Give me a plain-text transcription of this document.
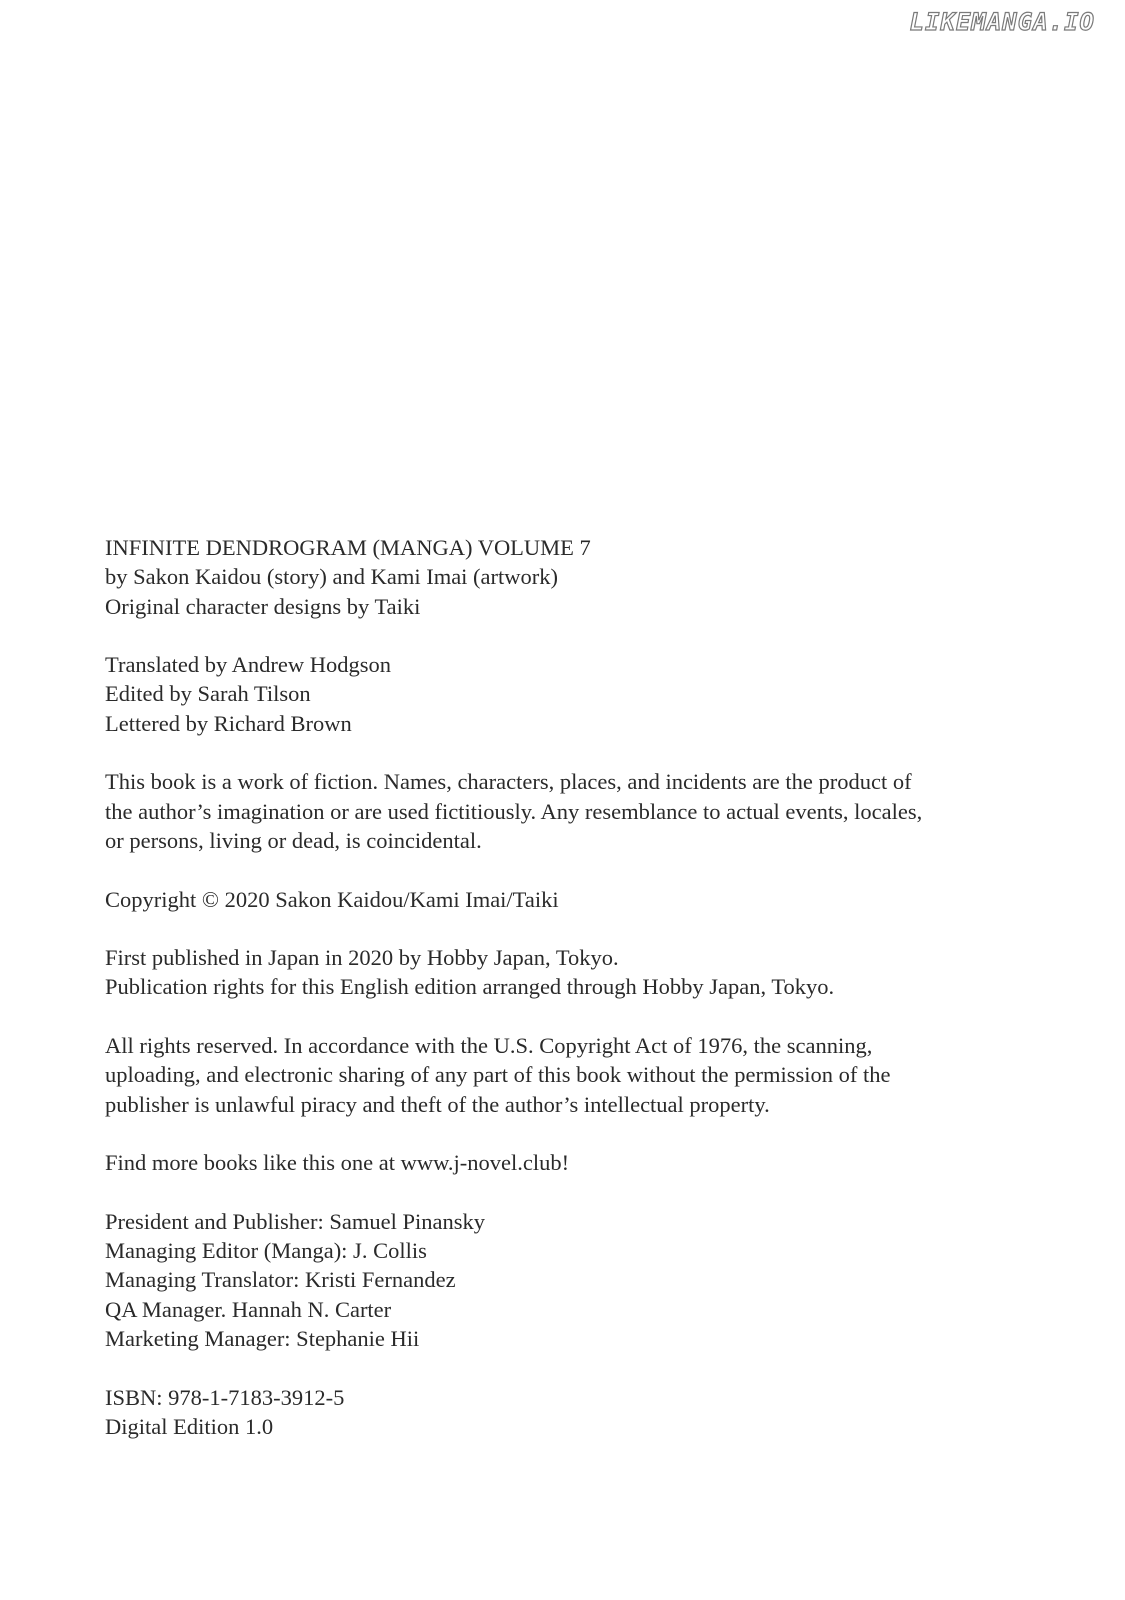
LIKEMANGA.IO
INFINITE DENDROGRAM (MANGA) VOLUME 7
by Sakon Kaidou (story) and Kami Imai (artwork)
Original character designs by Taiki
Translated by Andrew Hodgson
Edited by Sarah Tilson
Lettered by Richard Brown
This book is a work of fiction. Names, characters, places, and incidents are the product of
the author’s imagination or are used fictitiously. Any resemblance to actual events, locales,
or persons, living or dead, is coincidental.
Copyright © 2020 Sakon Kaidou/Kami Imai/Taiki
First published in Japan in 2020 by Hobby Japan, Tokyo.
Publication rights for this English edition arranged through Hobby Japan, Tokyo.
All rights reserved. In accordance with the U.S. Copyright Act of 1976, the scanning,
uploading, and electronic sharing of any part of this book without the permission of the
publisher is unlawful piracy and theft of the author’s intellectual property.
Find more books like this one at www.j-novel.club!
President and Publisher: Samuel Pinansky
Managing Editor (Manga): J. Collis
Managing Translator: Kristi Fernandez
QA Manager. Hannah N. Carter
Marketing Manager: Stephanie Hii
ISBN: 978-1-7183-3912-5
Digital Edition 1.0
